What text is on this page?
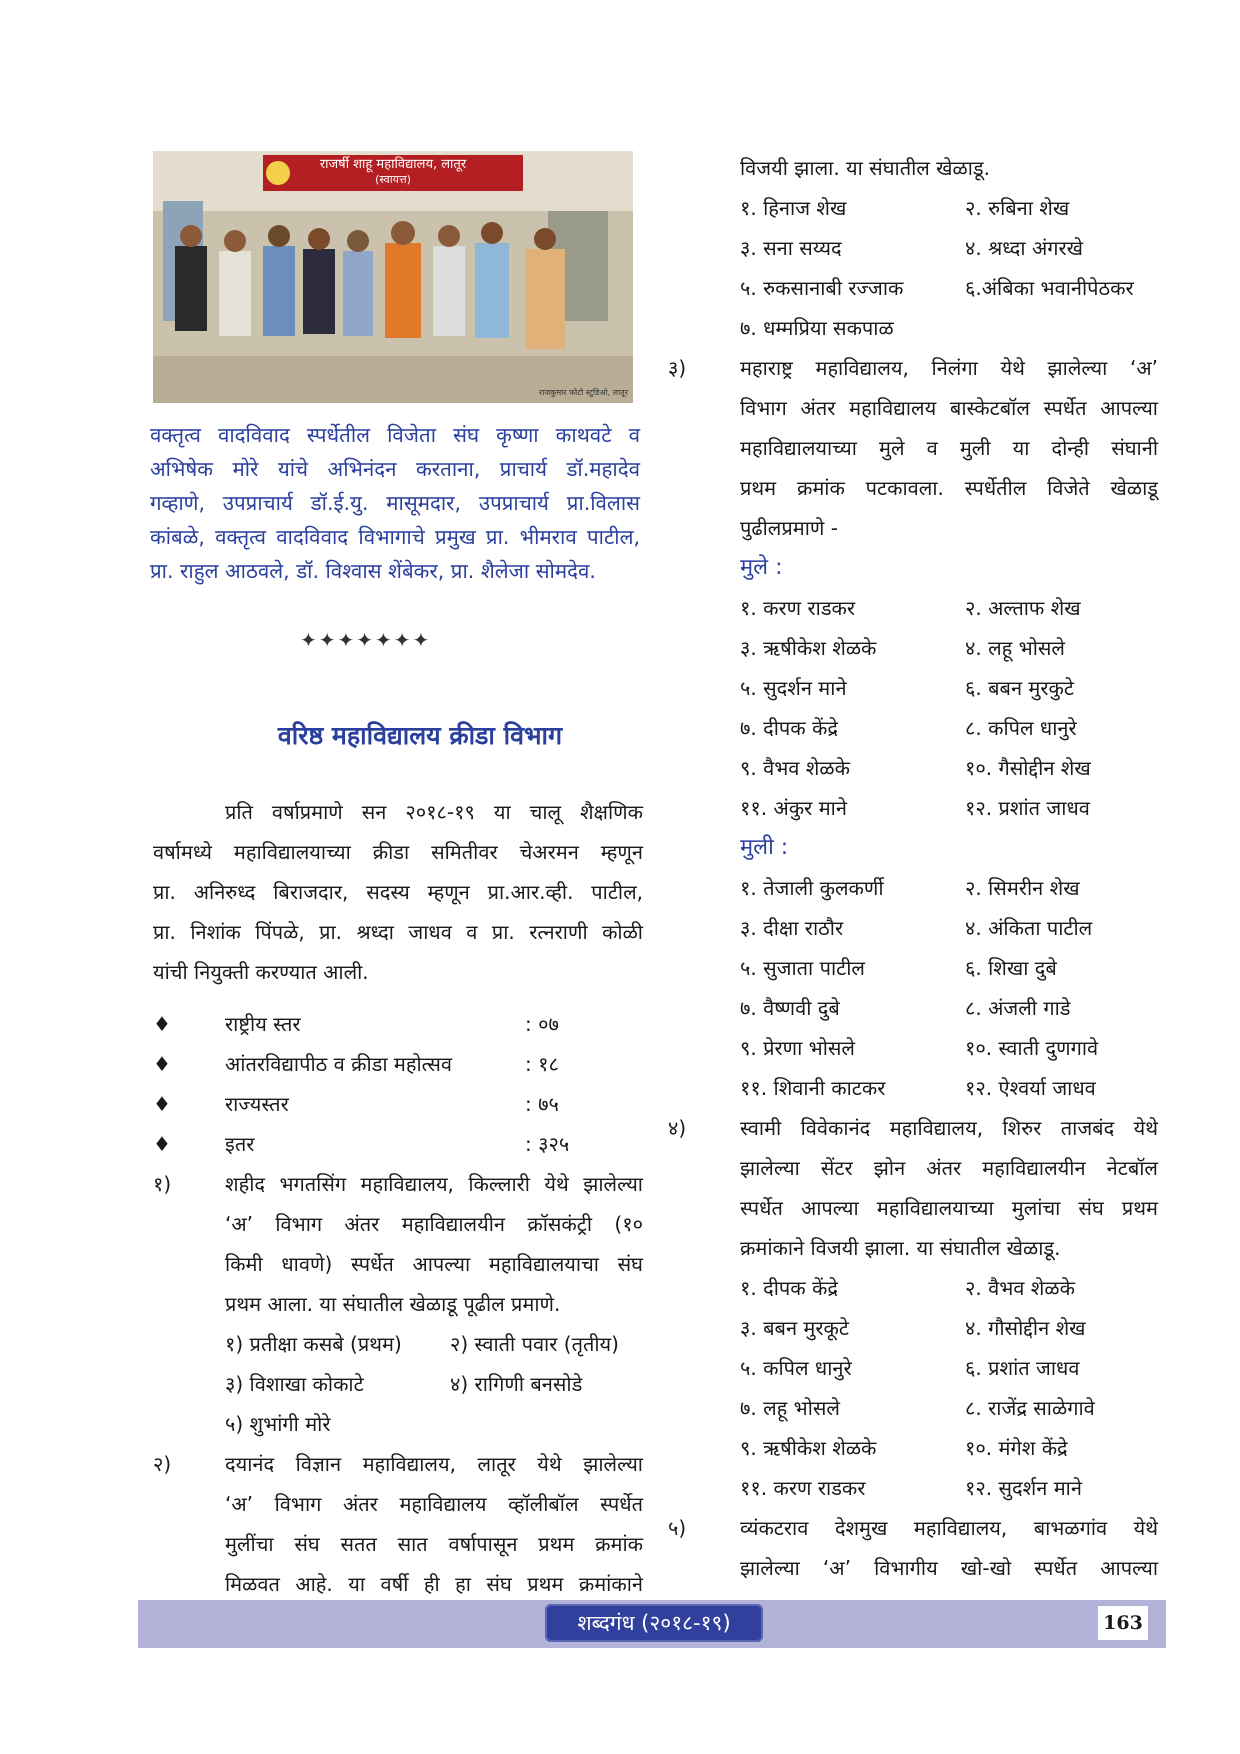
राजर्षी शाहू महाविद्यालय, लातूर
(स्वायत्त)
राजकुमार फोटो स्टुडिओ, लातूर
वक्तृत्व वादविवाद स्पर्धेतील विजेता संघ कृष्णा काथवटे व
अभिषेक मोरे यांचे अभिनंदन करताना, प्राचार्य डॉ.महादेव
गव्हाणे, उपप्राचार्य डॉ.ई.यु. मासूमदार, उपप्राचार्य प्रा.विलास
कांबळे, वक्तृत्व वादविवाद विभागाचे प्रमुख प्रा. भीमराव पाटील,
प्रा. राहुल आठवले, डॉ. विश्वास शेंबेकर, प्रा. शैलेजा सोमदेव.
✦✦✦✦✦✦✦
वरिष्ठ महाविद्यालय क्रीडा विभाग
प्रति वर्षाप्रमाणे सन २०१८-१९ या चालू शैक्षणिक
वर्षामध्ये महाविद्यालयाच्या क्रीडा समितीवर चेअरमन म्हणून
प्रा. अनिरुध्द बिराजदार, सदस्य म्हणून प्रा.आर.व्ही. पाटील,
प्रा. निशांक पिंपळे, प्रा. श्रध्दा जाधव व प्रा. रत्नराणी कोळी
यांची नियुक्ती करण्यात आली.
♦	राष्ट्रीय स्तर	: ०७
♦	आंतरविद्यापीठ व क्रीडा महोत्सव	: १८
♦	राज्यस्तर	: ७५
♦	इतर	: ३२५
१)	शहीद भगतसिंग महाविद्यालय, किल्लारी येथे झालेल्या
‘अ’ विभाग अंतर महाविद्यालयीन क्रॉसकंट्री (१०
किमी धावणे) स्पर्धेत आपल्या महाविद्यालयाचा संघ
प्रथम आला. या संघातील खेळाडू पूढील प्रमाणे.
१) प्रतीक्षा कसबे (प्रथम) २) स्वाती पवार (तृतीय)
३) विशाखा कोकाटे	४) रागिणी बनसोडे
५) शुभांगी मोरे
२)	दयानंद विज्ञान महाविद्यालय, लातूर येथे झालेल्या
‘अ’ विभाग अंतर महाविद्यालय व्हॉलीबॉल स्पर्धेत
मुलींचा संघ सतत सात वर्षापासून प्रथम क्रमांक
मिळवत आहे. या वर्षी ही हा संघ प्रथम क्रमांकाने
विजयी झाला. या संघातील खेळाडू.
१. हिनाज शेख	२. रुबिना शेख
३. सना सय्यद	४. श्रध्दा अंगरखे
५. रुकसानाबी रज्जाक	६.अंबिका भवानीपेठकर
७. धम्मप्रिया सकपाळ
३)	महाराष्ट्र महाविद्यालय, निलंगा येथे झालेल्या ‘अ’
विभाग अंतर महाविद्यालय बास्केटबॉल स्पर्धेत आपल्या
महाविद्यालयाच्या मुले व मुली या दोन्ही संघानी
प्रथम क्रमांक पटकावला. स्पर्धेतील विजेते खेळाडू
पुढीलप्रमाणे -
मुले :
१. करण राडकर	२. अल्ताफ शेख
३. ऋषीकेश शेळके	४. लहू भोसले
५. सुदर्शन माने	६. बबन मुरकुटे
७. दीपक केंद्रे	८. कपिल धानुरे
९. वैभव शेळके	१०. गैसोद्दीन शेख
११. अंकुर माने	१२. प्रशांत जाधव
मुली :
१. तेजाली कुलकर्णी	२. सिमरीन शेख
३. दीक्षा राठौर	४. अंकिता पाटील
५. सुजाता पाटील	६. शिखा दुबे
७. वैष्णवी दुबे	८. अंजली गाडे
९. प्रेरणा भोसले	१०. स्वाती दुणगावे
११. शिवानी काटकर	१२. ऐश्वर्या जाधव
४)	स्वामी विवेकानंद महाविद्यालय, शिरुर ताजबंद येथे
झालेल्या सेंटर झोन अंतर महाविद्यालयीन नेटबॉल
स्पर्धेत आपल्या महाविद्यालयाच्या मुलांचा संघ प्रथम
क्रमांकाने विजयी झाला. या संघातील खेळाडू.
१. दीपक केंद्रे	२. वैभव शेळके
३. बबन मुरकूटे	४. गौसोद्दीन शेख
५. कपिल धानुरे	६. प्रशांत जाधव
७. लहू भोसले	८. राजेंद्र साळेगावे
९. ऋषीकेश शेळके	१०. मंगेश केंद्रे
११. करण राडकर	१२. सुदर्शन माने
५)	व्यंकटराव देशमुख महाविद्यालय, बाभळगांव येथे
झालेल्या ‘अ’ विभागीय खो-खो स्पर्धेत आपल्या
शब्दगंध (२०१८-१९)	163
